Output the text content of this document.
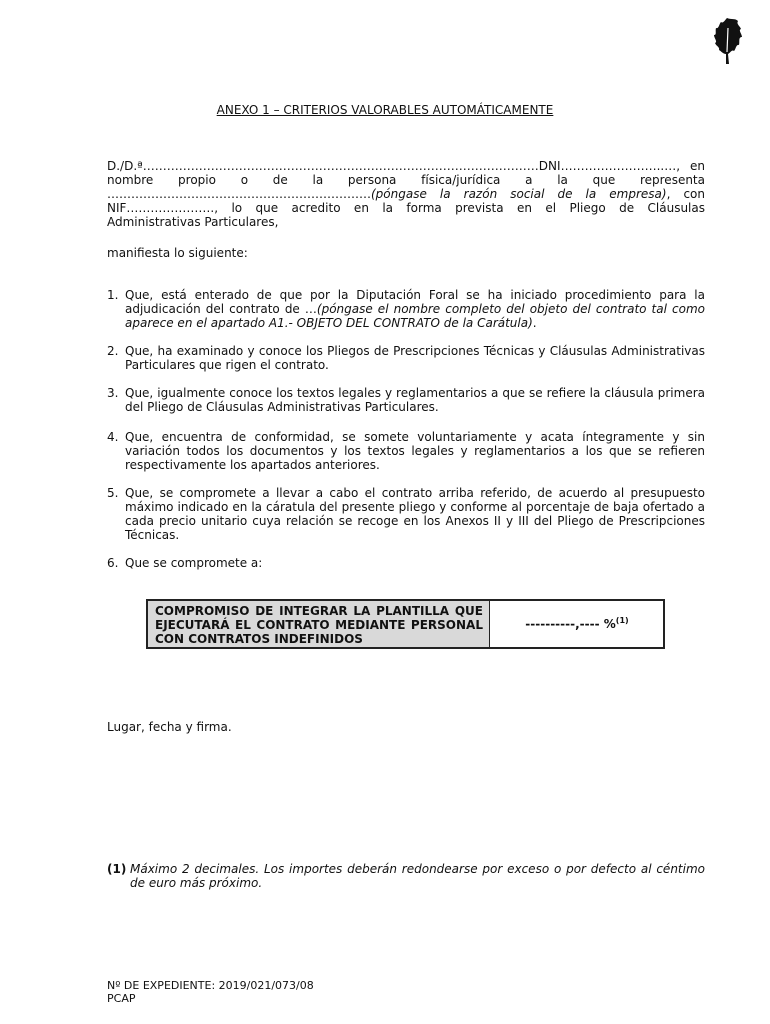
ANEXO 1 – CRITERIOS VALORABLES AUTOMÁTICAMENTE
D./D.ª………………………………………………………………………………………DNI……………………..…, en
nombre propio o de la persona física/jurídica a la que representa
…………………………………………………………(póngase la razón social de la empresa), con
NIF…………………., lo que acredito en la forma prevista en el Pliego de Cláusulas
Administrativas Particulares,
manifiesta lo siguiente:
1. Que, está enterado de que por la Diputación Foral se ha iniciado procedimiento para la adjudicación del contrato de …(póngase el nombre completo del objeto del contrato tal como aparece en el apartado A1.- OBJETO DEL CONTRATO de la Carátula).
2. Que, ha examinado y conoce los Pliegos de Prescripciones Técnicas y Cláusulas Administrativas Particulares que rigen el contrato.
3. Que, igualmente conoce los textos legales y reglamentarios a que se refiere la cláusula primera del Pliego de Cláusulas Administrativas Particulares.
4. Que, encuentra de conformidad, se somete voluntariamente y acata íntegramente y sin variación todos los documentos y los textos legales y reglamentarios a los que se refieren respectivamente los apartados anteriores.
5. Que, se compromete a llevar a cabo el contrato arriba referido, de acuerdo al presupuesto máximo indicado en la cáratula del presente pliego y conforme al porcentaje de baja ofertado a cada precio unitario cuya relación se recoge en los Anexos II y III del Pliego de Prescripciones Técnicas.
6. Que se compromete a:
COMPROMISO DE INTEGRAR LA PLANTILLA QUE EJECUTARÁ EL CONTRATO MEDIANTE PERSONAL CON CONTRATOS INDEFINIDOS
----------,---- %$^{(1)}$
Lugar, fecha y firma.
(1) Máximo 2 decimales. Los importes deberán redondearse por exceso o por defecto al céntimo de euro más próximo.
Nº DE EXPEDIENTE: 2019/021/073/08
PCAP
